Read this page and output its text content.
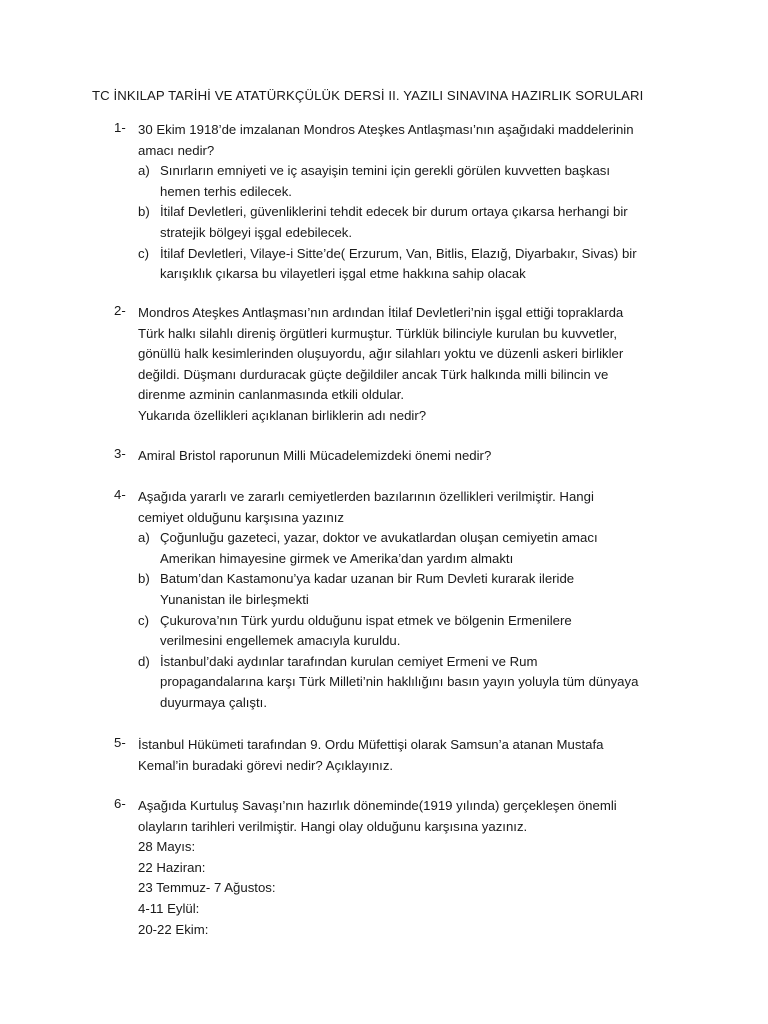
TC İNKILAP TARİHİ VE ATATÜRKÇÜLÜK DERSİ II. YAZILI SINAVINA HAZIRLIK SORULARI
1- 30 Ekim 1918’de imzalanan Mondros Ateşkes Antlaşması’nın aşağıdaki maddelerinin
amacı nedir?
a) Sınırların emniyeti ve iç asayişin temini için gerekli görülen kuvvetten başkası
hemen terhis edilecek.
b) İtilaf Devletleri, güvenliklerini tehdit edecek bir durum ortaya çıkarsa herhangi bir
stratejik bölgeyi işgal edebilecek.
c) İtilaf Devletleri, Vilaye-i Sitte’de( Erzurum, Van, Bitlis, Elazığ, Diyarbakır, Sivas) bir
karışıklık çıkarsa bu vilayetleri işgal etme hakkına sahip olacak
2- Mondros Ateşkes Antlaşması’nın ardından İtilaf Devletleri’nin işgal ettiği topraklarda
Türk halkı silahlı direniş örgütleri kurmuştur. Türklük bilinciyle kurulan bu kuvvetler,
gönüllü halk kesimlerinden oluşuyordu, ağır silahları yoktu ve düzenli askeri birlikler
değildi. Düşmanı durduracak güçte değildiler ancak Türk halkında milli bilincin ve
direnme azminin canlanmasında etkili oldular.
Yukarıda özellikleri açıklanan birliklerin adı nedir?
3- Amiral Bristol raporunun Milli Mücadelemizdeki önemi nedir?
4- Aşağıda yararlı ve zararlı cemiyetlerden bazılarının özellikleri verilmiştir. Hangi
cemiyet olduğunu karşısına yazınız
a) Çoğunluğu gazeteci, yazar, doktor ve avukatlardan oluşan cemiyetin amacı
Amerikan himayesine girmek ve Amerika’dan yardım almaktı
b) Batum’dan Kastamonu’ya kadar uzanan bir Rum Devleti kurarak ileride
Yunanistan ile birleşmekti
c) Çukurova’nın Türk yurdu olduğunu ispat etmek ve bölgenin Ermenilere
verilmesini engellemek amacıyla kuruldu.
d) İstanbul’daki aydınlar tarafından kurulan cemiyet Ermeni ve Rum
propagandalarına karşı Türk Milleti’nin haklılığını basın yayın yoluyla tüm dünyaya
duyurmaya çalıştı.
5- İstanbul Hükümeti tarafından 9. Ordu Müfettişi olarak Samsun’a atanan Mustafa
Kemal’in buradaki görevi nedir? Açıklayınız.
6- Aşağıda Kurtuluş Savaşı’nın hazırlık döneminde(1919 yılında) gerçekleşen önemli
olayların tarihleri verilmiştir. Hangi olay olduğunu karşısına yazınız.
28 Mayıs:
22 Haziran:
23 Temmuz- 7 Ağustos:
4-11 Eylül:
20-22 Ekim:
